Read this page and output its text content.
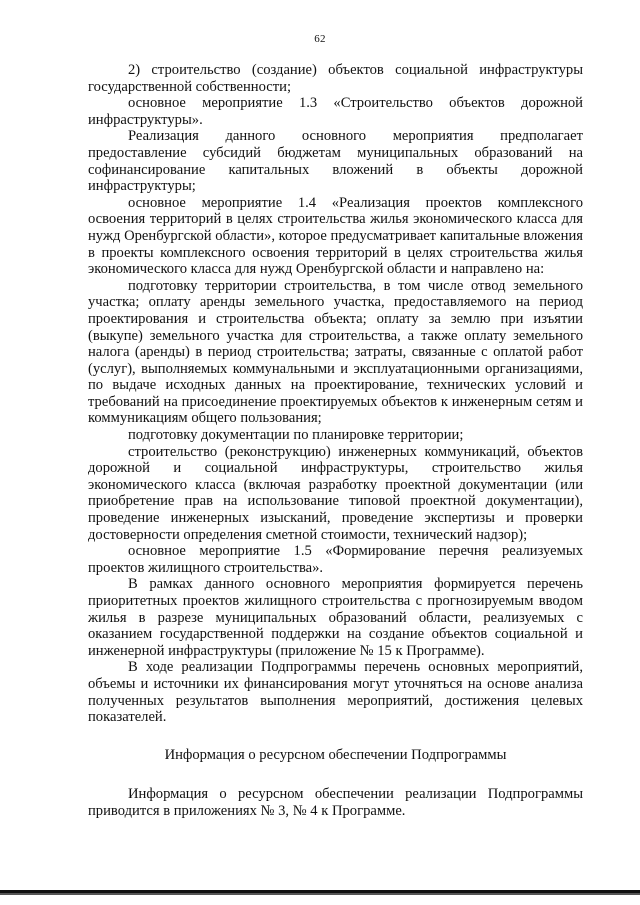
62

2) строительство (создание) объектов социальной инфраструктуры государственной собственности;

основное мероприятие 1.3 «Строительство объектов дорожной инфраструктуры».

Реализация данного основного мероприятия предполагает предоставление субсидий бюджетам муниципальных образований на софинансирование капитальных вложений в объекты дорожной инфраструктуры;

основное мероприятие 1.4 «Реализация проектов комплексного освоения территорий в целях строительства жилья экономического класса для нужд Оренбургской области», которое предусматривает капитальные вложения в проекты комплексного освоения территорий в целях строительства жилья экономического класса для нужд Оренбургской области и направлено на:

подготовку территории строительства, в том числе отвод земельного участка; оплату аренды земельного участка, предоставляемого на период проектирования и строительства объекта; оплату за землю при изъятии (выкупе) земельного участка для строительства, а также оплату земельного налога (аренды) в период строительства; затраты, связанные с оплатой работ (услуг), выполняемых коммунальными и эксплуатационными организациями, по выдаче исходных данных на проектирование, технических условий и требований на присоединение проектируемых объектов к инженерным сетям и коммуникациям общего пользования;

подготовку документации по планировке территории;

строительство (реконструкцию) инженерных коммуникаций, объектов дорожной и социальной инфраструктуры, строительство жилья экономического класса (включая разработку проектной документации (или приобретение прав на использование типовой проектной документации), проведение инженерных изысканий, проведение экспертизы и проверки достоверности определения сметной стоимости, технический надзор);

основное мероприятие 1.5 «Формирование перечня реализуемых проектов жилищного строительства».

В рамках данного основного мероприятия формируется перечень приоритетных проектов жилищного строительства с прогнозируемым вводом жилья в разрезе муниципальных образований области, реализуемых с оказанием государственной поддержки на создание объектов социальной и инженерной инфраструктуры (приложение № 15 к Программе).

В ходе реализации Подпрограммы перечень основных мероприятий, объемы и источники их финансирования могут уточняться на основе анализа полученных результатов выполнения мероприятий, достижения целевых показателей.

Информация о ресурсном обеспечении Подпрограммы

Информация о ресурсном обеспечении реализации Подпрограммы приводится в приложениях № 3, № 4 к Программе.
